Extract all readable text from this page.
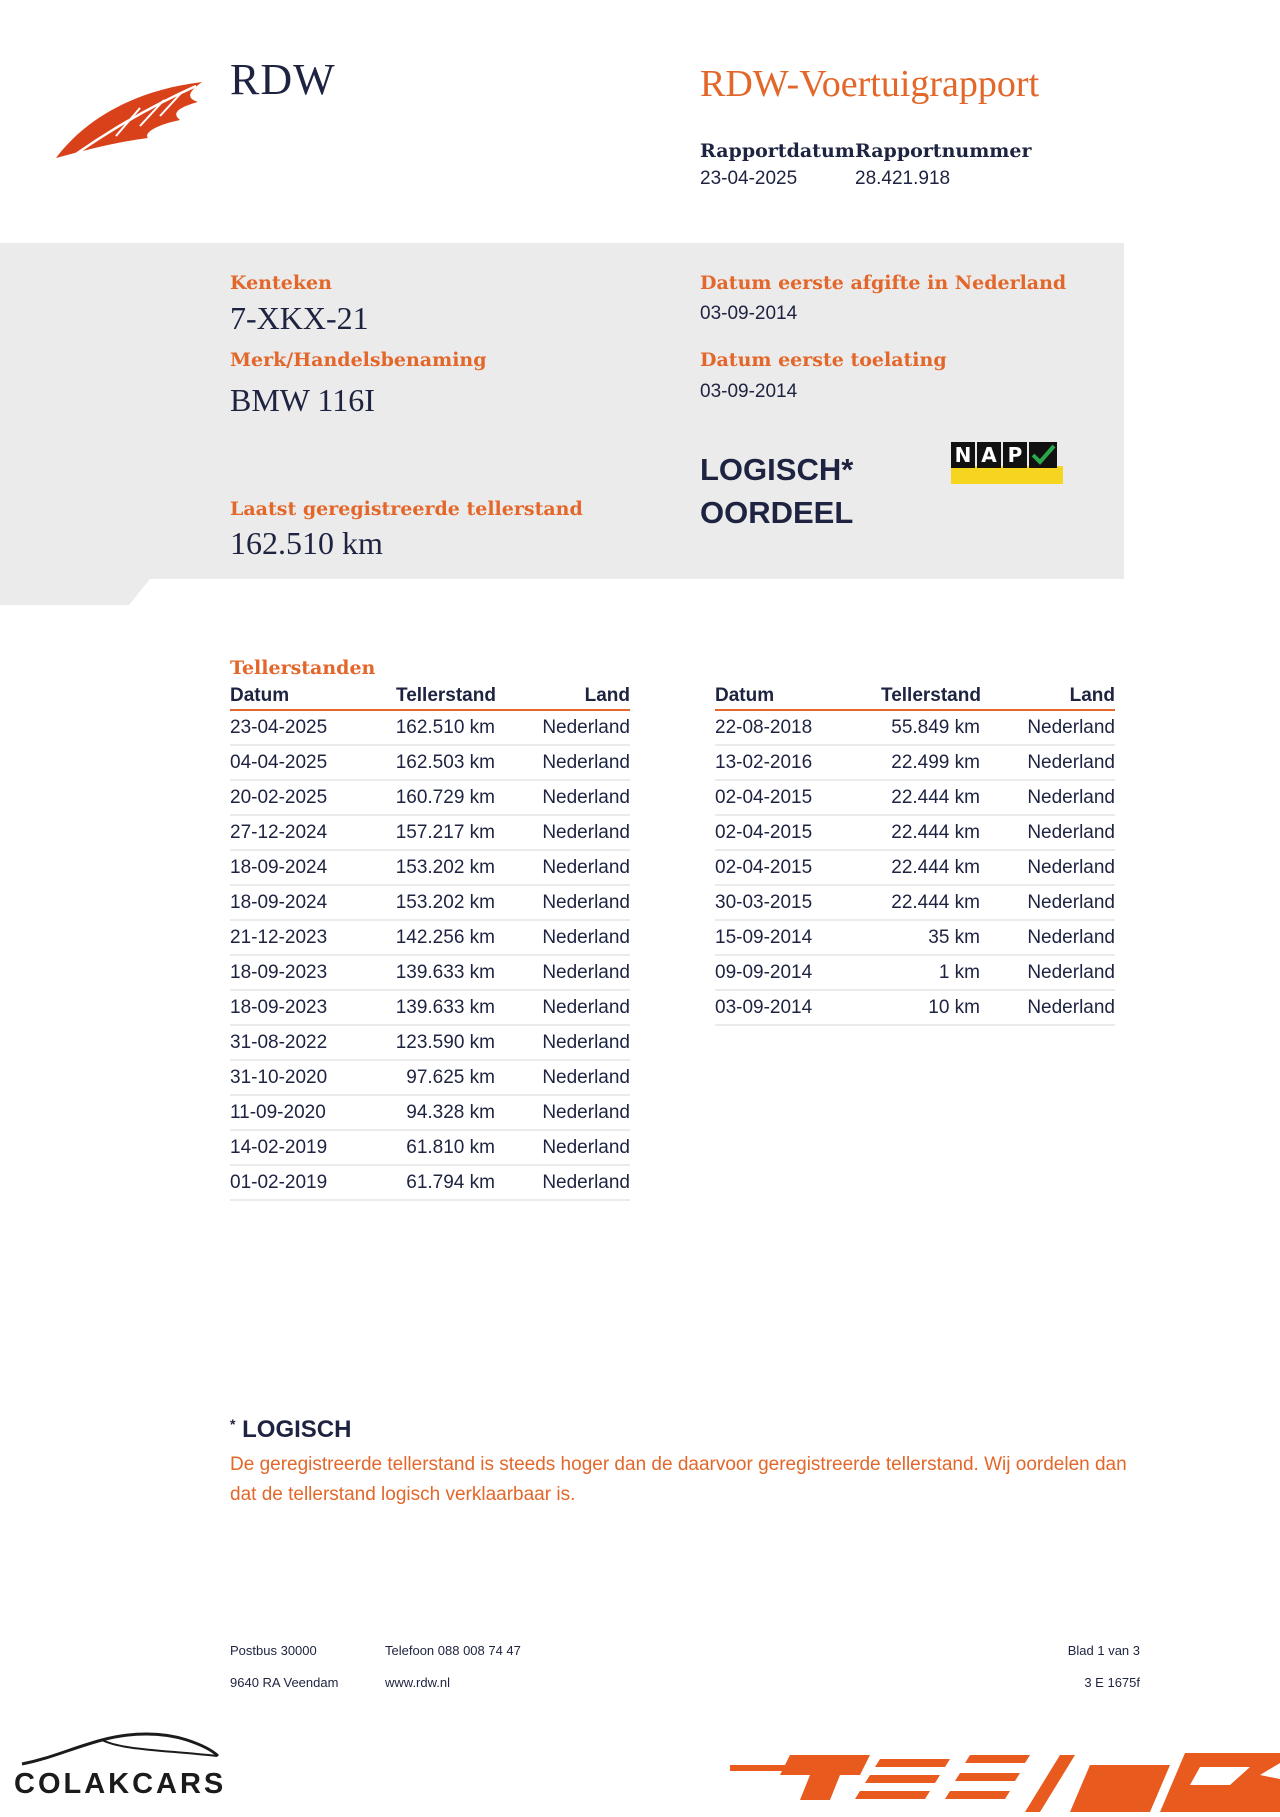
RDW	RDW-Voertuigrapport
Rapportdatum
23-04-2025
Rapportnummer
28.421.918
Kenteken
7-XKX-21
Merk/Handelsbenaming
BMW 116I
Laatst geregistreerde tellerstand
162.510 km
Datum eerste afgifte in Nederland
03-09-2014
Datum eerste toelating
03-09-2014
LOGISCH*
OORDEEL
N A P
Tellerstanden
Datum	Tellerstand	Land
23-04-2025	162.510 km Nederland
04-04-2025	162.503 km Nederland
20-02-2025	160.729 km Nederland
27-12-2024	157.217 km Nederland
18-09-2024	153.202 km Nederland
18-09-2024	153.202 km Nederland
21-12-2023	142.256 km Nederland
18-09-2023	139.633 km Nederland
18-09-2023	139.633 km Nederland
31-08-2022	123.590 km Nederland
31-10-2020	97.625 km Nederland
11-09-2020	94.328 km Nederland
14-02-2019	61.810 km Nederland
01-02-2019	61.794 km Nederland
Datum	Tellerstand	Land
22-08-2018	55.849 km Nederland
13-02-2016	22.499 km Nederland
02-04-2015	22.444 km Nederland
02-04-2015	22.444 km Nederland
02-04-2015	22.444 km Nederland
30-03-2015	22.444 km Nederland
15-09-2014	35 km Nederland
09-09-2014	1 km Nederland
03-09-2014	10 km Nederland
* LOGISCH
De geregistreerde tellerstand is steeds hoger dan de daarvoor geregistreerde tellerstand. Wij oordelen dan dat de tellerstand logisch verklaarbaar is.
Postbus 30000
9640 RA Veendam
Telefoon 088 008 74 47
www.rdw.nl
Blad 1 van 3
3 E 1675f
COLAKCARS
